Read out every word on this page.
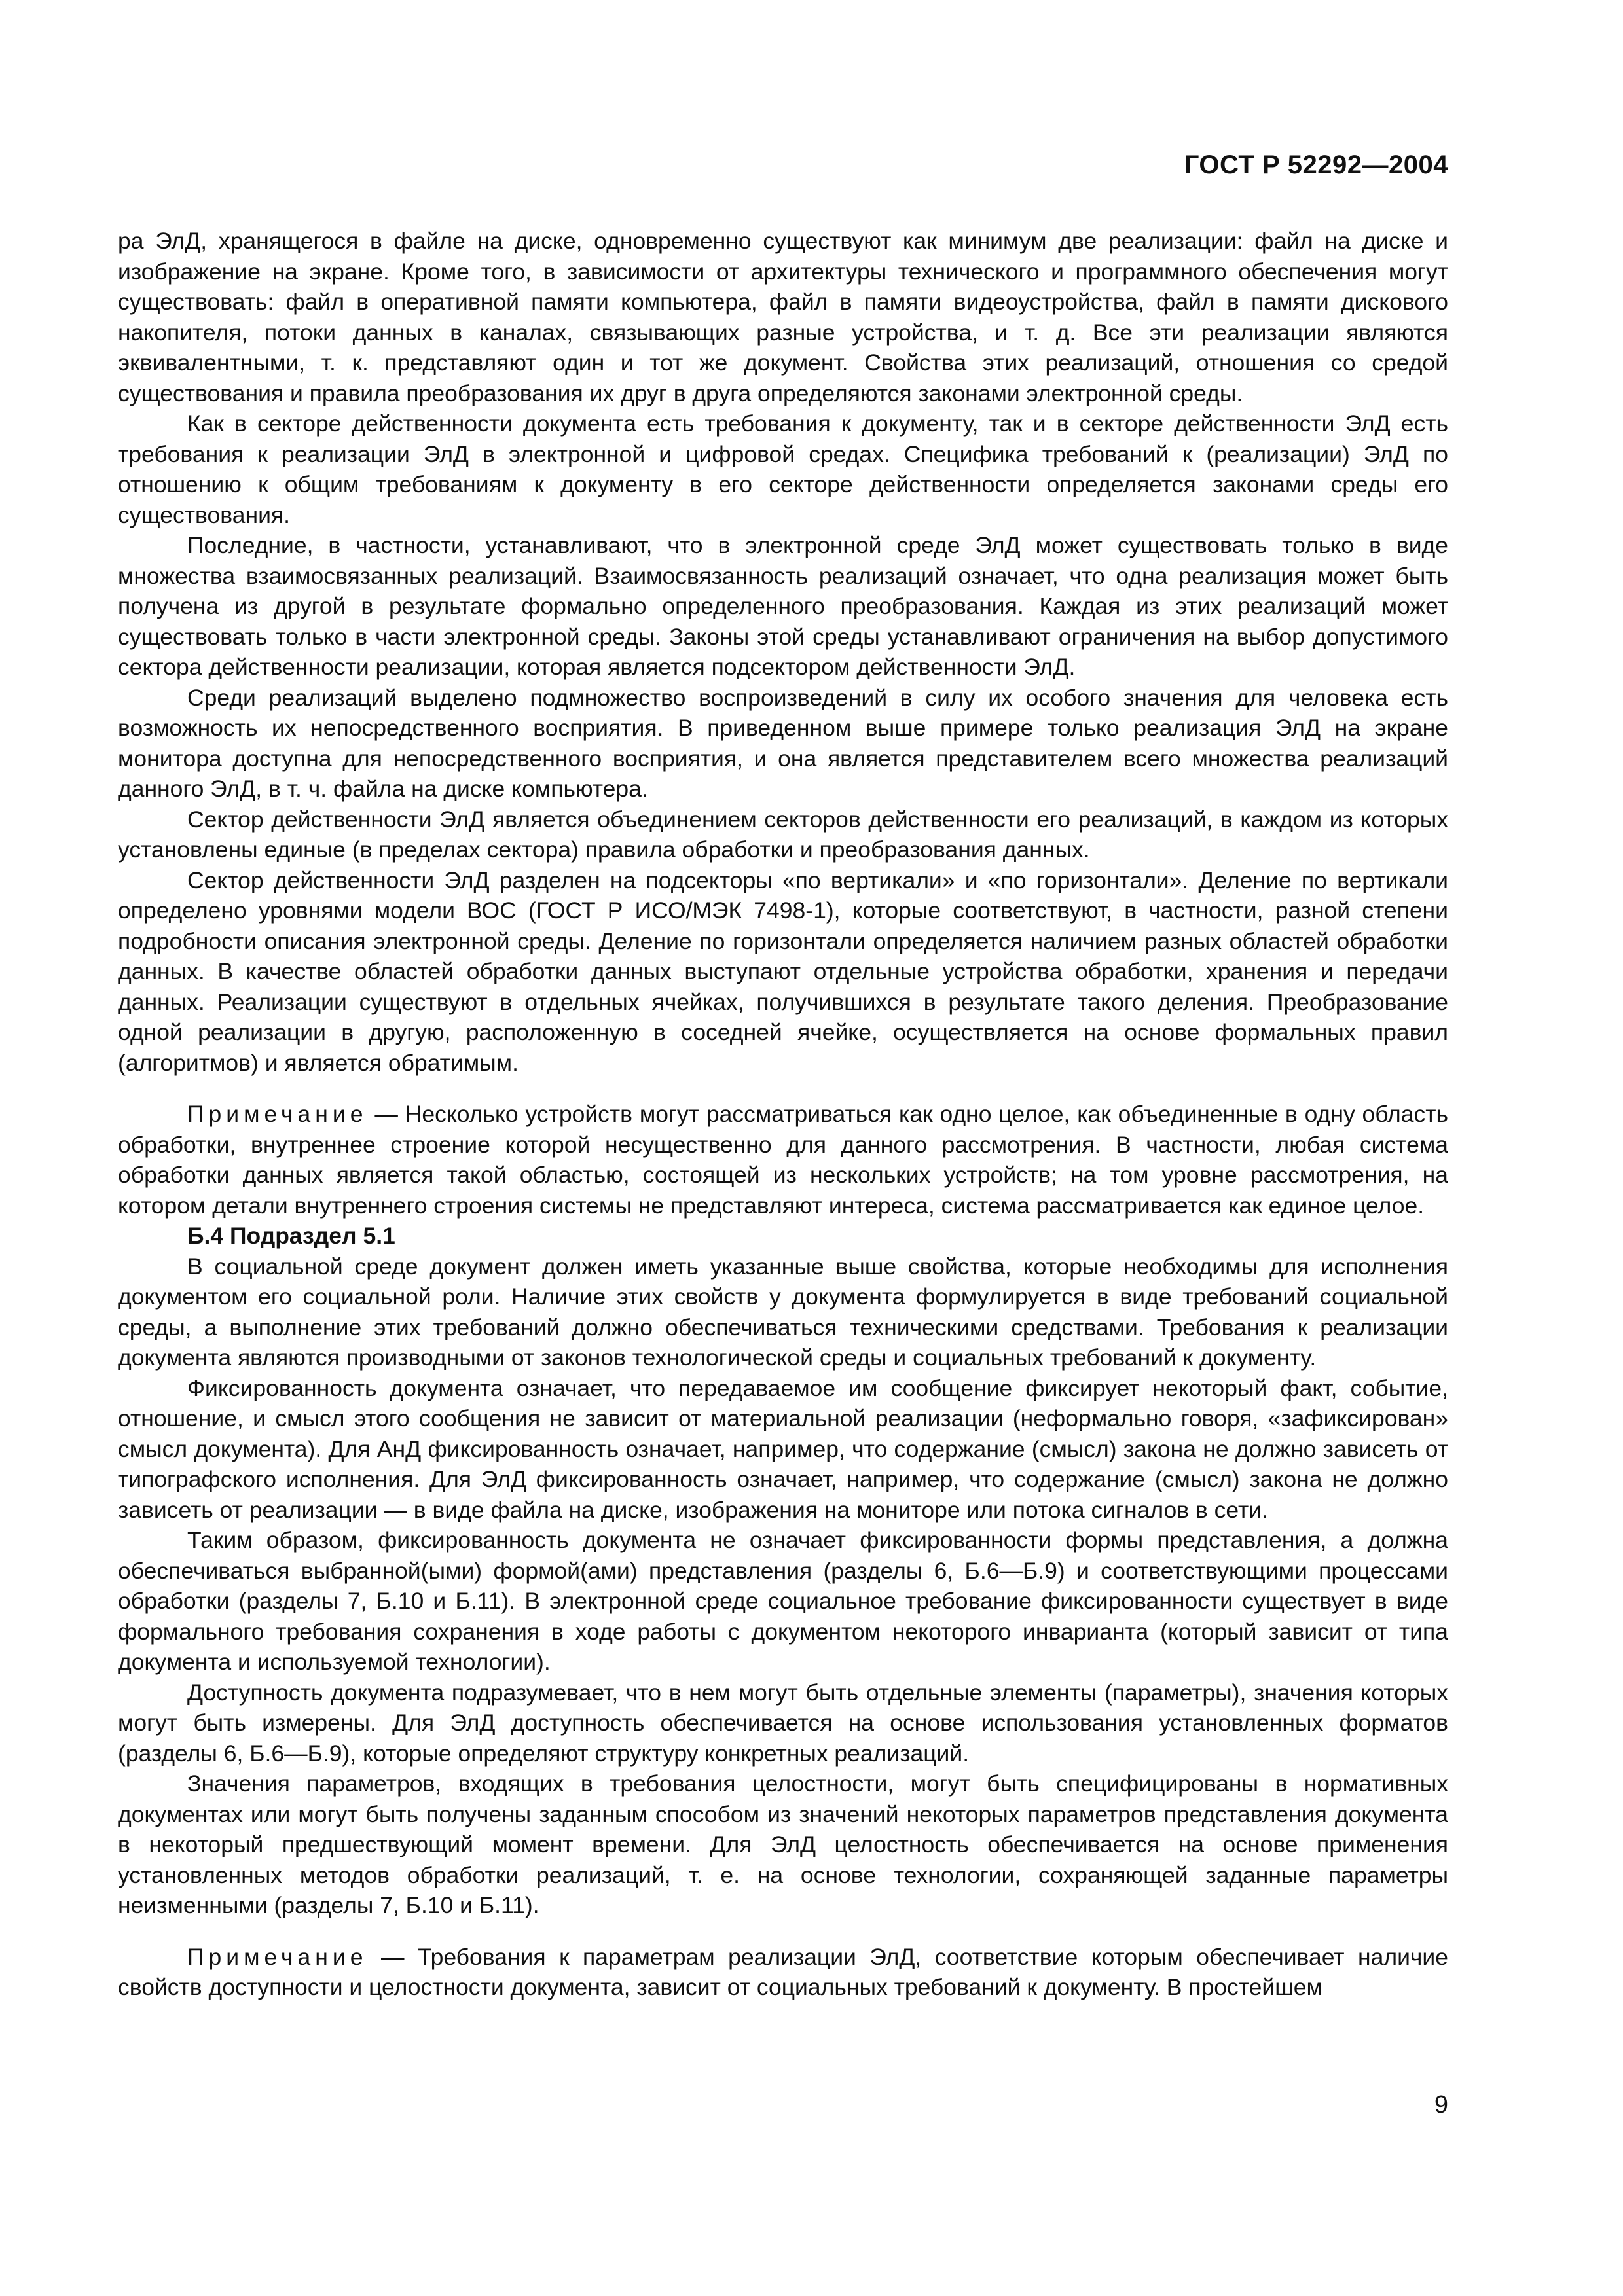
ГОСТ Р 52292—2004

ра ЭлД, хранящегося в файле на диске, одновременно существуют как минимум две реализации: файл на диске и изображение на экране. Кроме того, в зависимости от архитектуры технического и программного обеспечения могут существовать: файл в оперативной памяти компьютера, файл в памяти видеоустройства, файл в памяти дискового накопителя, потоки данных в каналах, связывающих разные устройства, и т. д. Все эти реализации являются эквивалентными, т. к. представляют один и тот же документ. Свойства этих реализаций, отношения со средой существования и правила преобразования их друг в друга определяются законами электронной среды.

Как в секторе действенности документа есть требования к документу, так и в секторе действенности ЭлД есть требования к реализации ЭлД в электронной и цифровой средах. Специфика требований к (реализации) ЭлД по отношению к общим требованиям к документу в его секторе действенности определяется законами среды его существования.

Последние, в частности, устанавливают, что в электронной среде ЭлД может существовать только в виде множества взаимосвязанных реализаций. Взаимосвязанность реализаций означает, что одна реализация может быть получена из другой в результате формально определенного преобразования. Каждая из этих реализаций может существовать только в части электронной среды. Законы этой среды устанавливают ограничения на выбор допустимого сектора действенности реализации, которая является подсектором действенности ЭлД.

Среди реализаций выделено подмножество воспроизведений в силу их особого значения для человека есть возможность их непосредственного восприятия. В приведенном выше примере только реализация ЭлД на экране монитора доступна для непосредственного восприятия, и она является представителем всего множества реализаций данного ЭлД, в т. ч. файла на диске компьютера.

Сектор действенности ЭлД является объединением секторов действенности его реализаций, в каждом из которых установлены единые (в пределах сектора) правила обработки и преобразования данных.

Сектор действенности ЭлД разделен на подсекторы «по вертикали» и «по горизонтали». Деление по вертикали определено уровнями модели ВОС (ГОСТ Р ИСО/МЭК 7498-1), которые соответствуют, в частности, разной степени подробности описания электронной среды. Деление по горизонтали определяется наличием разных областей обработки данных. В качестве областей обработки данных выступают отдельные устройства обработки, хранения и передачи данных. Реализации существуют в отдельных ячейках, получившихся в результате такого деления. Преобразование одной реализации в другую, расположенную в соседней ячейке, осуществляется на основе формальных правил (алгоритмов) и является обратимым.

Примечание — Несколько устройств могут рассматриваться как одно целое, как объединенные в одну область обработки, внутреннее строение которой несущественно для данного рассмотрения. В частности, любая система обработки данных является такой областью, состоящей из нескольких устройств; на том уровне рассмотрения, на котором детали внутреннего строения системы не представляют интереса, система рассматривается как единое целое.

Б.4 Подраздел 5.1

В социальной среде документ должен иметь указанные выше свойства, которые необходимы для исполнения документом его социальной роли. Наличие этих свойств у документа формулируется в виде требований социальной среды, а выполнение этих требований должно обеспечиваться техническими средствами. Требования к реализации документа являются производными от законов технологической среды и социальных требований к документу.

Фиксированность документа означает, что передаваемое им сообщение фиксирует некоторый факт, событие, отношение, и смысл этого сообщения не зависит от материальной реализации (неформально говоря, «зафиксирован» смысл документа). Для АнД фиксированность означает, например, что содержание (смысл) закона не должно зависеть от типографского исполнения. Для ЭлД фиксированность означает, например, что содержание (смысл) закона не должно зависеть от реализации — в виде файла на диске, изображения на мониторе или потока сигналов в сети.

Таким образом, фиксированность документа не означает фиксированности формы представления, а должна обеспечиваться выбранной(ыми) формой(ами) представления (разделы 6, Б.6—Б.9) и соответствующими процессами обработки (разделы 7, Б.10 и Б.11). В электронной среде социальное требование фиксированности существует в виде формального требования сохранения в ходе работы с документом некоторого инварианта (который зависит от типа документа и используемой технологии).

Доступность документа подразумевает, что в нем могут быть отдельные элементы (параметры), значения которых могут быть измерены. Для ЭлД доступность обеспечивается на основе использования установленных форматов (разделы 6, Б.6—Б.9), которые определяют структуру конкретных реализаций.

Значения параметров, входящих в требования целостности, могут быть специфицированы в нормативных документах или могут быть получены заданным способом из значений некоторых параметров представления документа в некоторый предшествующий момент времени. Для ЭлД целостность обеспечивается на основе применения установленных методов обработки реализаций, т. е. на основе технологии, сохраняющей заданные параметры неизменными (разделы 7, Б.10 и Б.11).

Примечание — Требования к параметрам реализации ЭлД, соответствие которым обеспечивает наличие свойств доступности и целостности документа, зависит от социальных требований к документу. В простейшем

9
